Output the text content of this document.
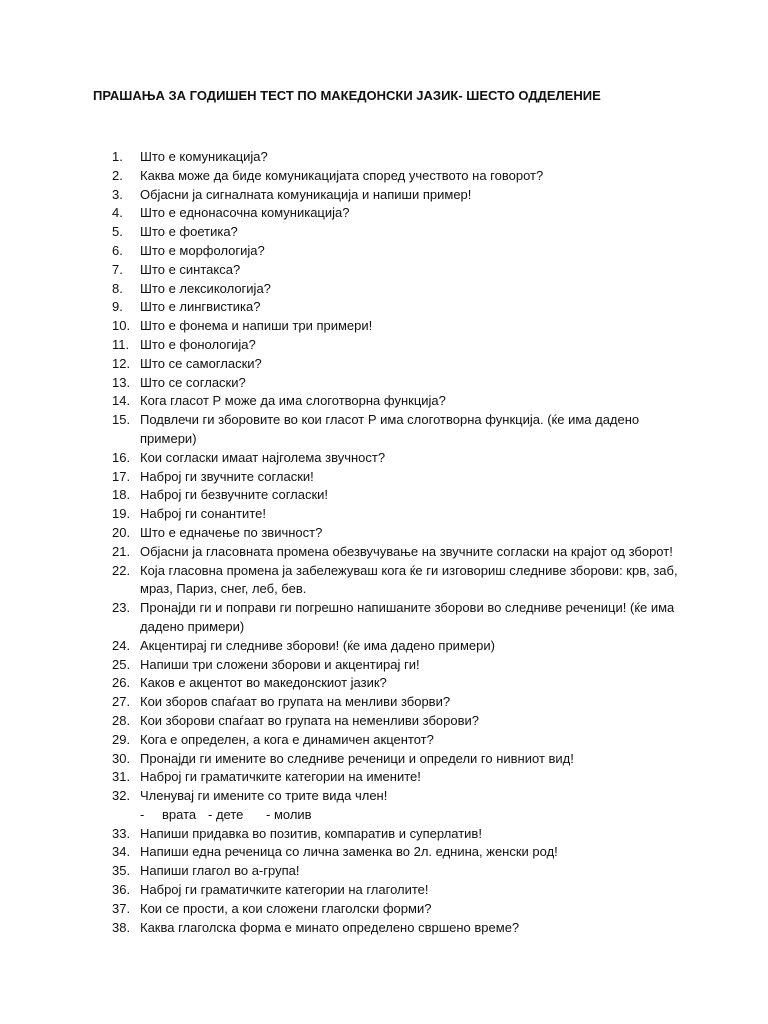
ПРАШАЊА ЗА ГОДИШЕН ТЕСТ ПО МАКЕДОНСКИ ЈАЗИК- ШЕСТО ОДДЕЛЕНИЕ
1.	Што е комуникација?
2.	Каква може да биде комуникацијата според учеството на говорот?
3.	Објасни ја сигналната комуникација и напиши пример!
4.	Што е еднонасочна комуникација?
5.	Што е фоетика?
6.	Што е морфологија?
7.	Што е синтакса?
8.	Што е лексикологија?
9.	Што е лингвистика?
10. Што е фонема и напиши три примери!
11. Што е фонологија?
12. Што се самогласки?
13. Што се согласки?
14. Кога гласот Р може да има слоготворна функција?
15. Подвлечи ги зборовите во кои гласот Р има слоготворна функција. (ќе има дадено примери)
16. Кои согласки имаат најголема звучност?
17. Наброј ги звучните согласки!
18. Наброј ги безвучните согласки!
19. Наброј ги сонантите!
20. Што е едначење по звичност?
21. Објасни ја гласовната промена обезвучување на звучните согласки на крајот од зборот!
22. Која гласовна промена ја забележуваш кога ќе ги изговориш следниве зборови: крв, заб, мраз, Париз, снег, леб, бев.
23. Пронајди ги и поправи ги погрешно напишаните зборови во следниве реченици! (ќе има дадено примери)
24. Акцентирај ги следниве зборови! (ќе има дадено примери)
25. Напиши три сложени зборови и акцентирај ги!
26. Каков е акцентот во македонскиот јазик?
27. Кои зборов спаѓаат во групата на менливи зборви?
28. Кои зборови спаѓаат во групата на неменливи зборови?
29. Кога е определен, а кога е динамичен акцентот?
30. Пронајди ги имените во следниве реченици и определи го нивниот вид!
31. Наброј ги граматичките категории на имените!
32. Членувај ги имените со трите вида член!
- врата - дете - молив
33. Напиши придавка во позитив, компаратив и суперлатив!
34. Напиши една реченица со лична заменка во 2л. еднина, женски род!
35. Напиши глагол во а-група!
36. Наброј ги граматичките категории на глаголите!
37. Кои се прости, а кои сложени глаголски форми?
38. Каква глаголска форма е минато определено свршено време?
